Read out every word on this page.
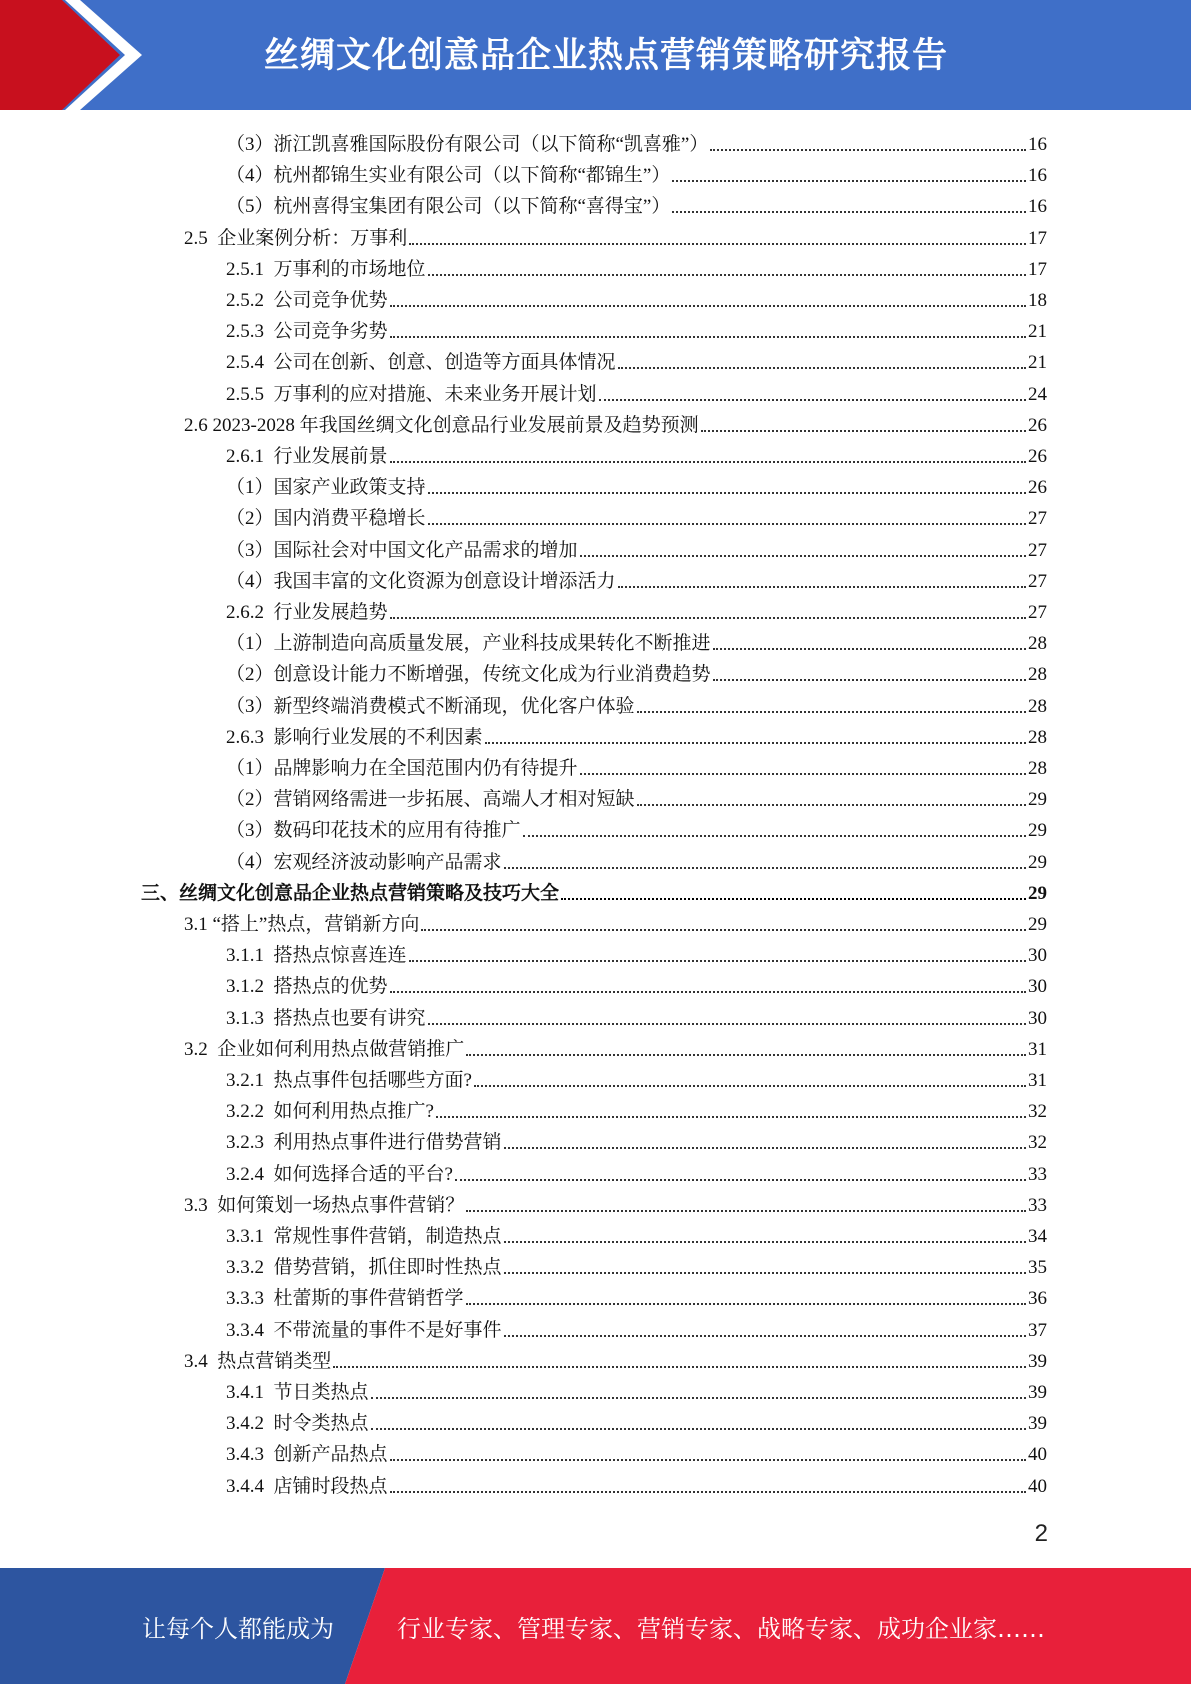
丝绸文化创意品企业热点营销策略研究报告
（3）浙江凯喜雅国际股份有限公司（以下简称“凯喜雅”）	16
（4）杭州都锦生实业有限公司（以下简称“都锦生”）	16
（5）杭州喜得宝集团有限公司（以下简称“喜得宝”）	16
2.5  企业案例分析：万事利	17
2.5.1  万事利的市场地位	17
2.5.2  公司竞争优势	18
2.5.3  公司竞争劣势	21
2.5.4  公司在创新、创意、创造等方面具体情况	21
2.5.5  万事利的应对措施、未来业务开展计划	24
2.6 2023-2028 年我国丝绸文化创意品行业发展前景及趋势预测	26
2.6.1  行业发展前景	26
（1）国家产业政策支持	26
（2）国内消费平稳增长	27
（3）国际社会对中国文化产品需求的增加	27
（4）我国丰富的文化资源为创意设计增添活力	27
2.6.2  行业发展趋势	27
（1）上游制造向高质量发展，产业科技成果转化不断推进	28
（2）创意设计能力不断增强，传统文化成为行业消费趋势	28
（3）新型终端消费模式不断涌现，优化客户体验	28
2.6.3  影响行业发展的不利因素	28
（1）品牌影响力在全国范围内仍有待提升	28
（2）营销网络需进一步拓展、高端人才相对短缺	29
（3）数码印花技术的应用有待推广	29
（4）宏观经济波动影响产品需求	29
三、丝绸文化创意品企业热点营销策略及技巧大全	29
3.1 “搭上”热点，营销新方向	29
3.1.1  搭热点惊喜连连	30
3.1.2  搭热点的优势	30
3.1.3  搭热点也要有讲究	30
3.2  企业如何利用热点做营销推广	31
3.2.1  热点事件包括哪些方面?	31
3.2.2  如何利用热点推广?	32
3.2.3  利用热点事件进行借势营销	32
3.2.4  如何选择合适的平台?	33
3.3  如何策划一场热点事件营销？	33
3.3.1  常规性事件营销，制造热点	34
3.3.2  借势营销，抓住即时性热点	35
3.3.3  杜蕾斯的事件营销哲学	36
3.3.4  不带流量的事件不是好事件	37
3.4  热点营销类型	39
3.4.1  节日类热点	39
3.4.2  时令类热点	39
3.4.3  创新产品热点	40
3.4.4  店铺时段热点	40
2
让每个人都能成为	行业专家、管理专家、营销专家、战略专家、成功企业家……
